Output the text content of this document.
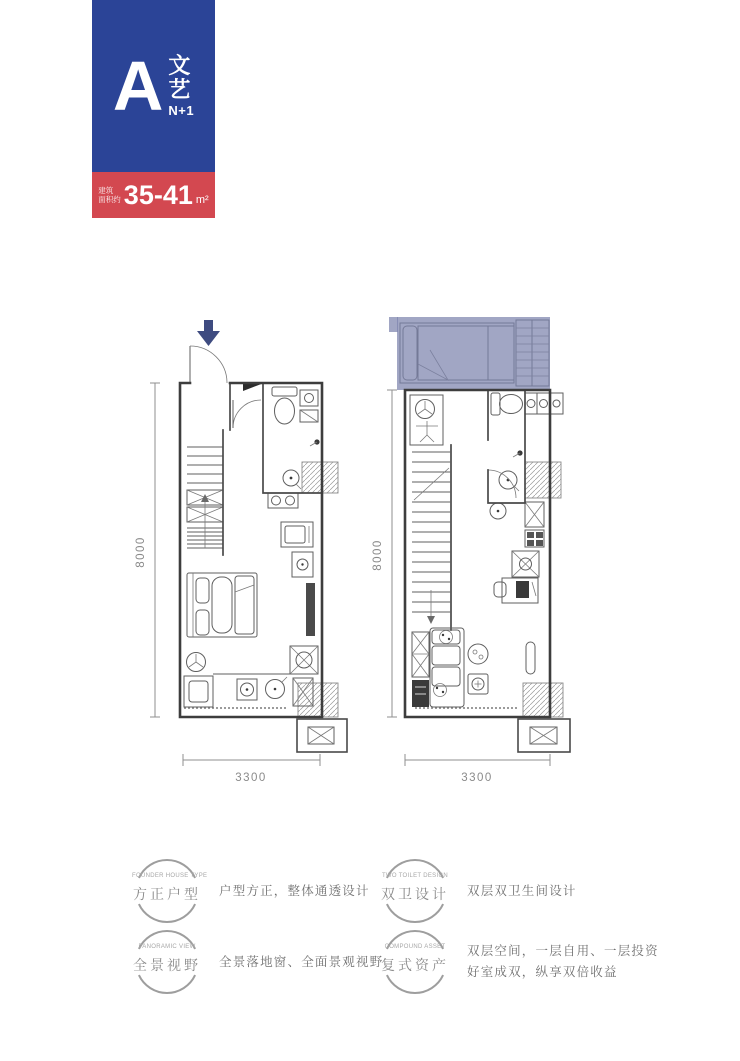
A 文艺
N+1
建筑
面积约 35-41 m²
8000
3300
8000
3300
FOUNDER HOUSE TYPE
方正户型	户型方正，整体通透设计
TWO TOILET DESIGN
双卫设计	双层双卫生间设计
PANORAMIC VIEW
全景视野	全景落地窗、全面景观视野
COMPOUND ASSET
复式资产
双层空间，一层自用、一层投资
好室成双，纵享双倍收益
